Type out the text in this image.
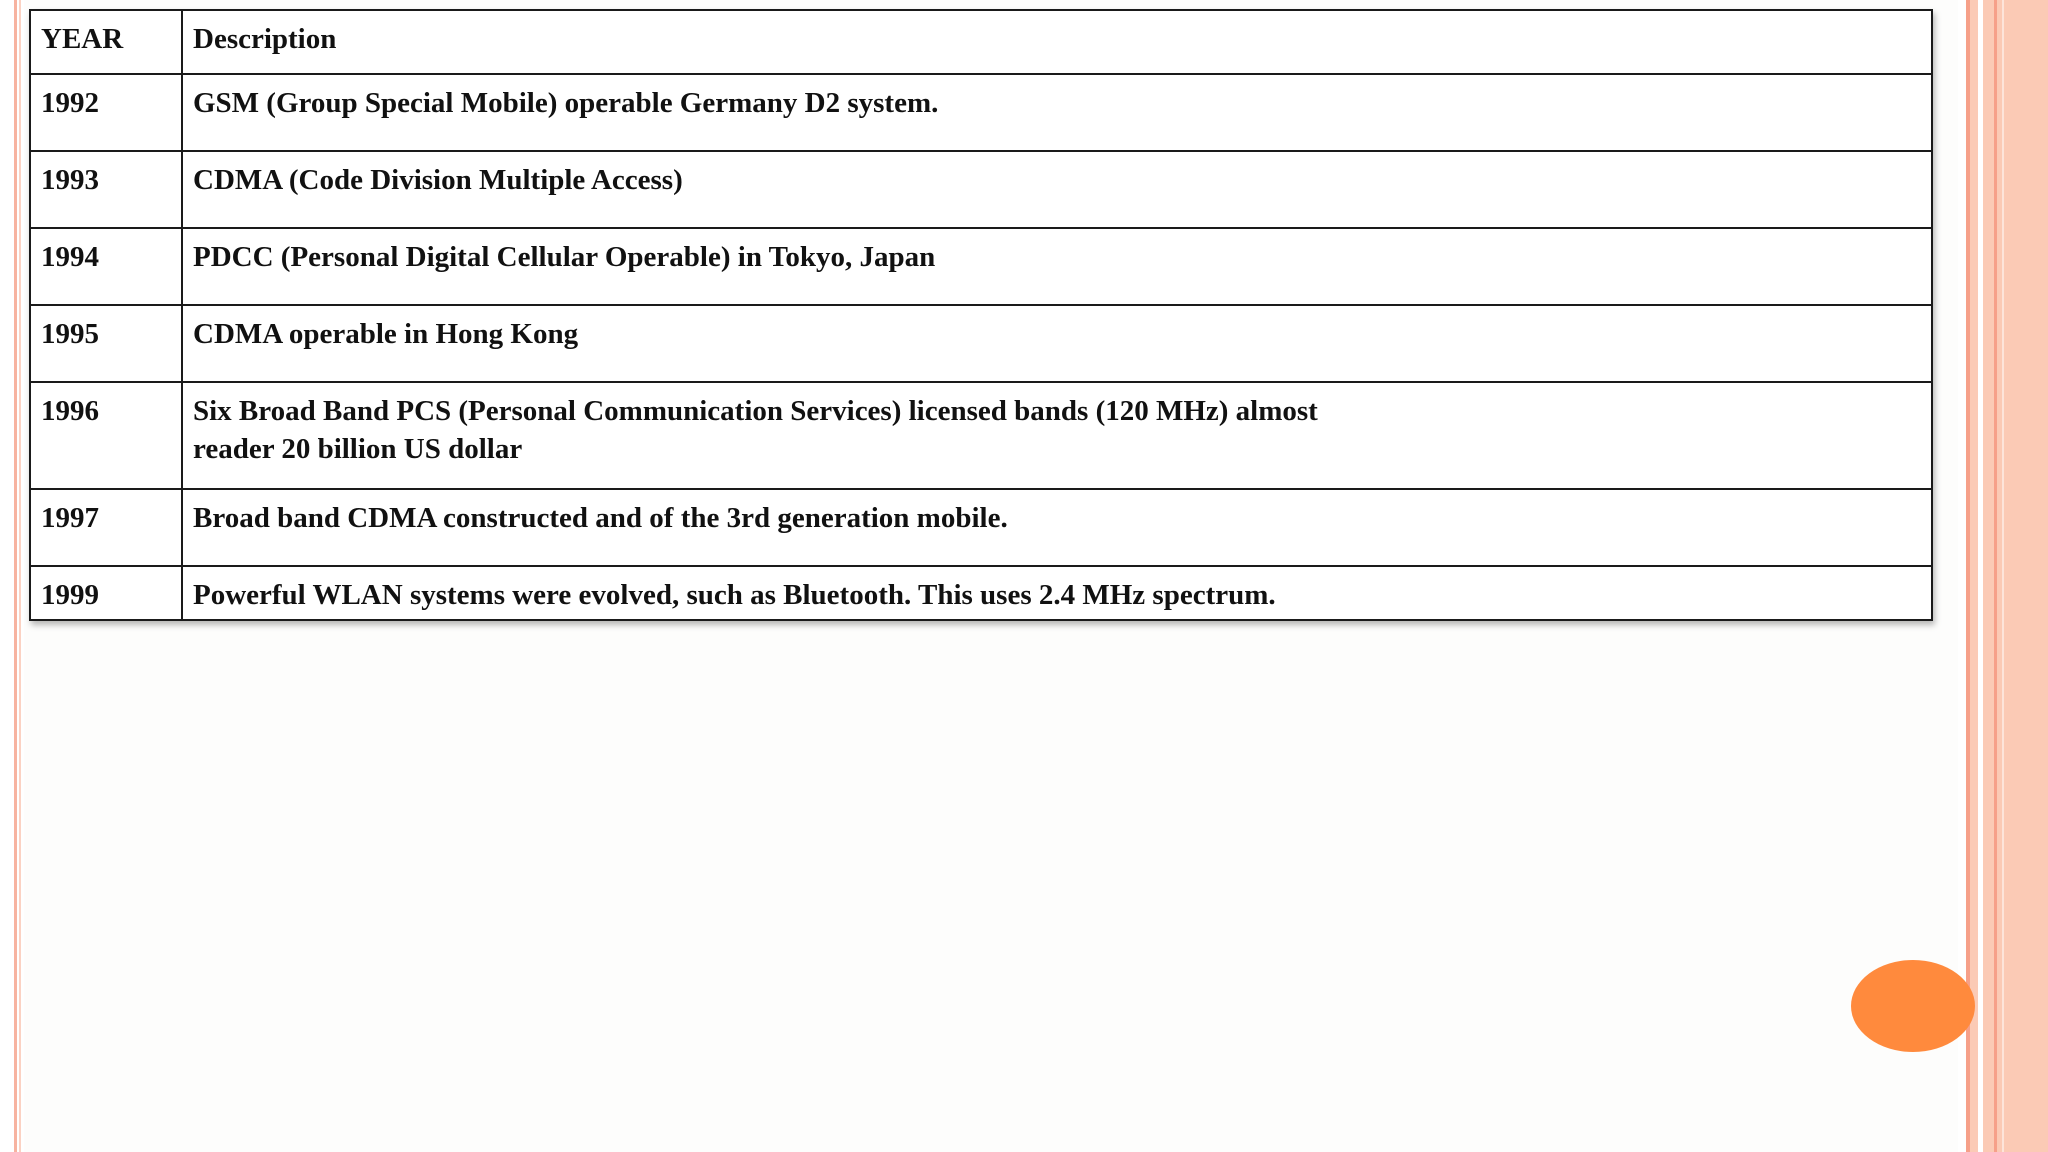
YEAR	Description
1992	GSM (Group Special Mobile) operable Germany D2 system.
1993	CDMA (Code Division Multiple Access)
1994	PDCC (Personal Digital Cellular Operable) in Tokyo, Japan
1995	CDMA operable in Hong Kong
1996	Six Broad Band PCS (Personal Communication Services) licensed bands (120 MHz) almost reader 20 billion US dollar
1997	Broad band CDMA constructed and of the 3rd generation mobile.
1999	Powerful WLAN systems were evolved, such as Bluetooth. This uses 2.4 MHz spectrum.
